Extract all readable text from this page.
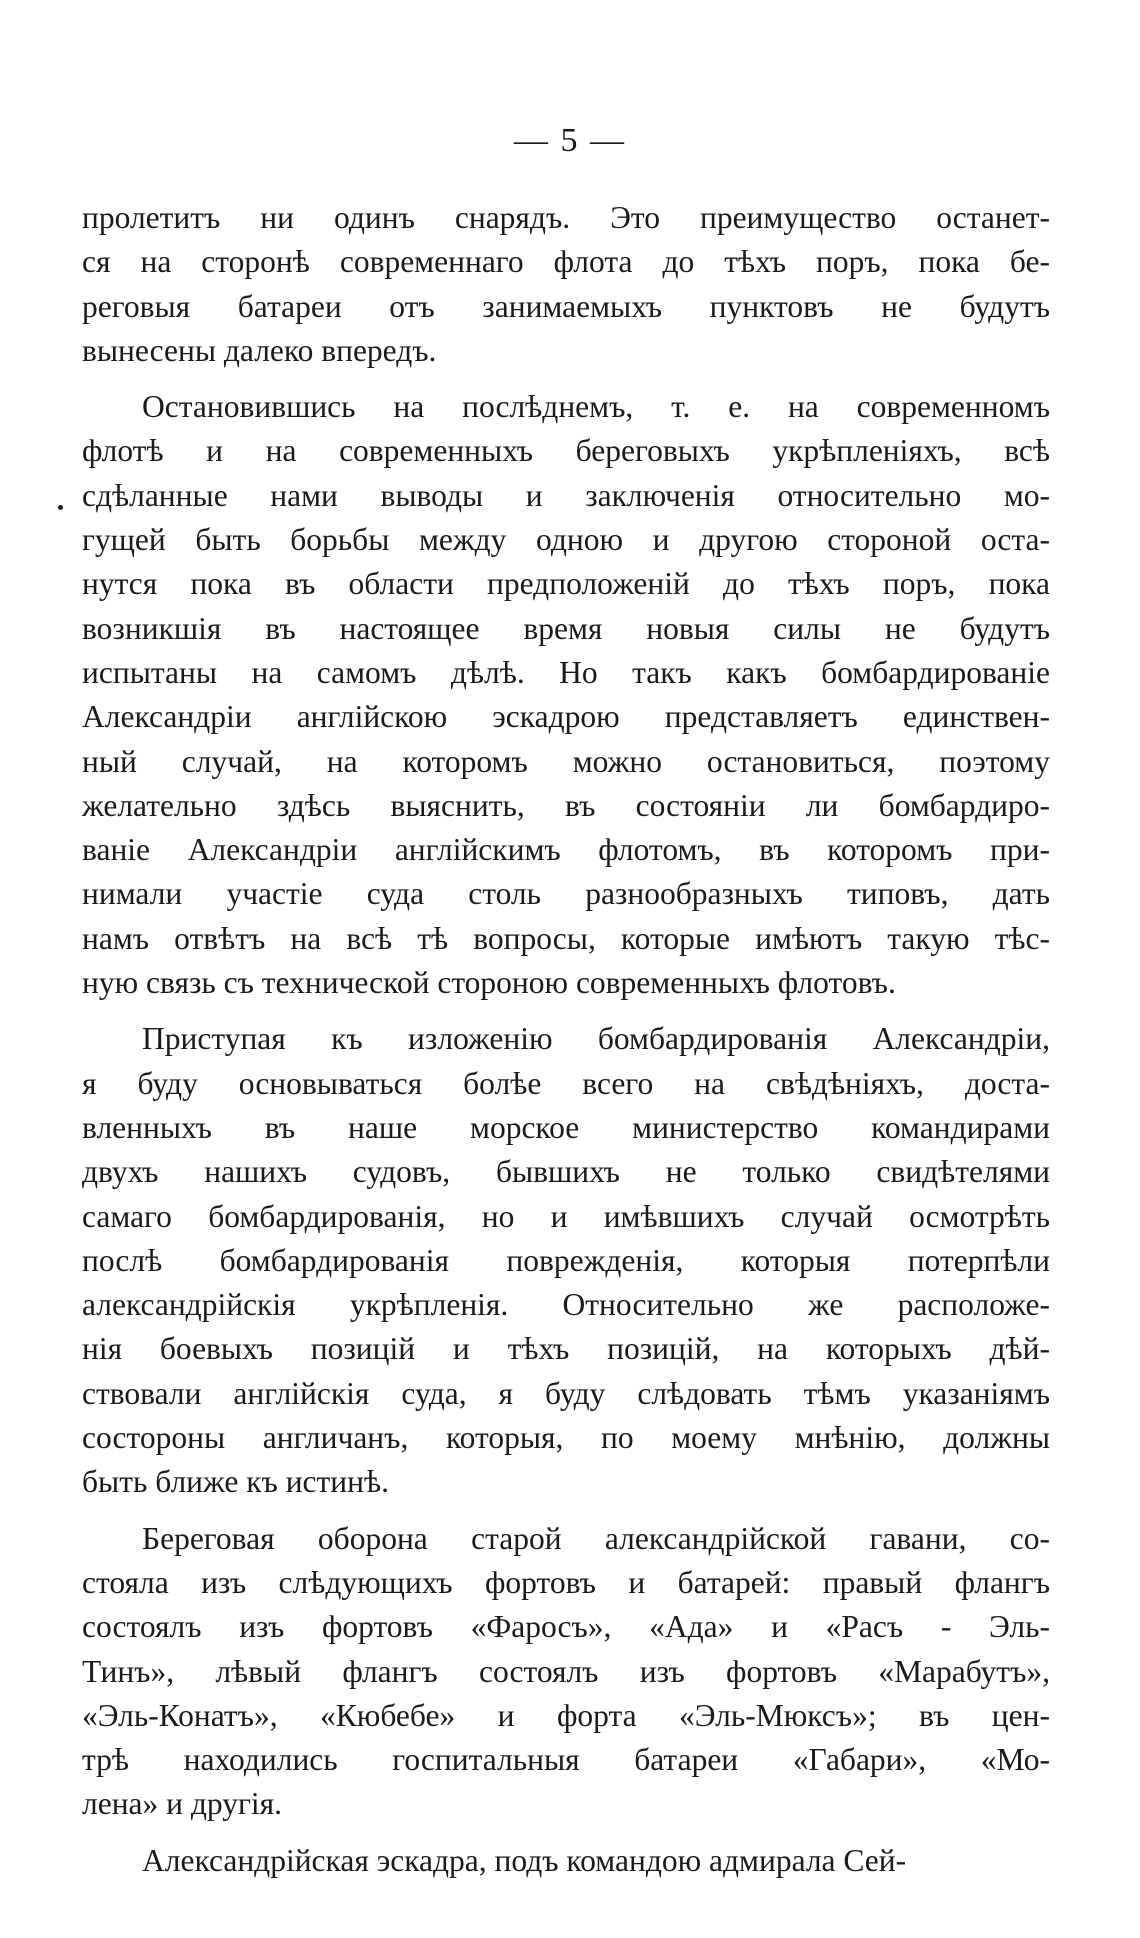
— 5 —
пролетитъ ни одинъ снарядъ. Это преимущество останет-
ся на сторонѣ современнаго флота до тѣхъ поръ, пока бе-
реговыя батареи отъ занимаемыхъ пунктовъ не будутъ
вынесены далеко впередъ.
Остановившись на послѣднемъ, т. е. на современномъ
флотѣ и на современныхъ береговыхъ укрѣпленіяхъ, всѣ
сдѣланные нами выводы и заключенія относительно мо-
гущей быть борьбы между одною и другою стороной оста-
нутся пока въ области предположеній до тѣхъ поръ, пока
возникшія въ настоящее время новыя силы не будутъ
испытаны на самомъ дѣлѣ. Но такъ какъ бомбардированіе
Александріи англійскою эскадрою представляетъ единствен-
ный случай, на которомъ можно остановиться, поэтому
желательно здѣсь выяснить, въ состояніи ли бомбардиро-
ваніе Александріи англійскимъ флотомъ, въ которомъ при-
нимали участіе суда столь разнообразныхъ типовъ, дать
намъ отвѣтъ на всѣ тѣ вопросы, которые имѣютъ такую тѣс-
ную связь съ технической стороною современныхъ флотовъ.
Приступая къ изложенію бомбардированія Александріи,
я буду основываться болѣе всего на свѣдѣніяхъ, доста-
вленныхъ въ наше морское министерство командирами
двухъ нашихъ судовъ, бывшихъ не только свидѣтелями
самаго бомбардированія, но и имѣвшихъ случай осмотрѣть
послѣ бомбардированія поврежденія, которыя потерпѣли
александрійскія укрѣпленія. Относительно же расположе-
нія боевыхъ позицій и тѣхъ позицій, на которыхъ дѣй-
ствовали англійскія суда, я буду слѣдовать тѣмъ указаніямъ
состороны англичанъ, которыя, по моему мнѣнію, должны
быть ближе къ истинѣ.
Береговая оборона старой александрійской гавани, со-
стояла изъ слѣдующихъ фортовъ и батарей: правый флангъ
состоялъ изъ фортовъ «Фаросъ», «Ада» и «Расъ - Эль-
Тинъ», лѣвый флангъ состоялъ изъ фортовъ «Марабутъ»,
«Эль-Конатъ», «Кюбебе» и форта «Эль-Мюксъ»; въ цен-
трѣ находились госпитальныя батареи «Габари», «Мо-
лена» и другія.
Александрійская эскадра, подъ командою адмирала Сей-
